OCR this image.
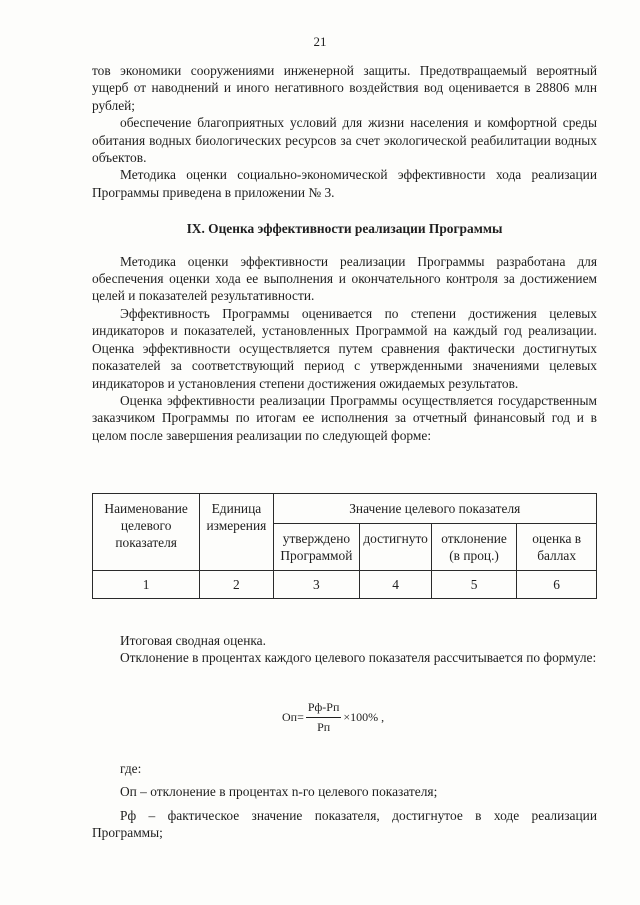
21

тов экономики сооружениями инженерной защиты. Предотвращаемый вероятный ущерб от наводнений и иного негативного воздействия вод оценивается в 28806 млн рублей;

обеспечение благоприятных условий для жизни населения и комфортной среды обитания водных биологических ресурсов за счет экологической реабилитации водных объектов.

Методика оценки социально-экономической эффективности хода реализации Программы приведена в приложении № 3.

IX. Оценка эффективности реализации Программы

Методика оценки эффективности реализации Программы разработана для обеспечения оценки хода ее выполнения и окончательного контроля за достижением целей и показателей результативности.

Эффективность Программы оценивается по степени достижения целевых индикаторов и показателей, установленных Программой на каждый год реализации. Оценка эффективности осуществляется путем сравнения фактически достигнутых показателей за соответствующий период с утвержденными значениями целевых индикаторов и установления степени достижения ожидаемых результатов.

Оценка эффективности реализации Программы осуществляется государственным заказчиком Программы по итогам ее исполнения за отчетный финансовый год и в целом после завершения реализации по следующей форме:

Наименование целевого показателя	Единица измерения	Значение целевого показателя			
		утверждено Программой	достигнуто	отклонение (в проц.)	оценка в баллах
1	2	3	4	5	6

Итоговая сводная оценка.

Отклонение в процентах каждого целевого показателя рассчитывается по формуле:

$Оп= \frac{Рф-Рп}{Рп} \times 100\%$ ,

где:

Оп – отклонение в процентах n-го целевого показателя;

Рф – фактическое значение показателя, достигнутое в ходе реализации Программы;
